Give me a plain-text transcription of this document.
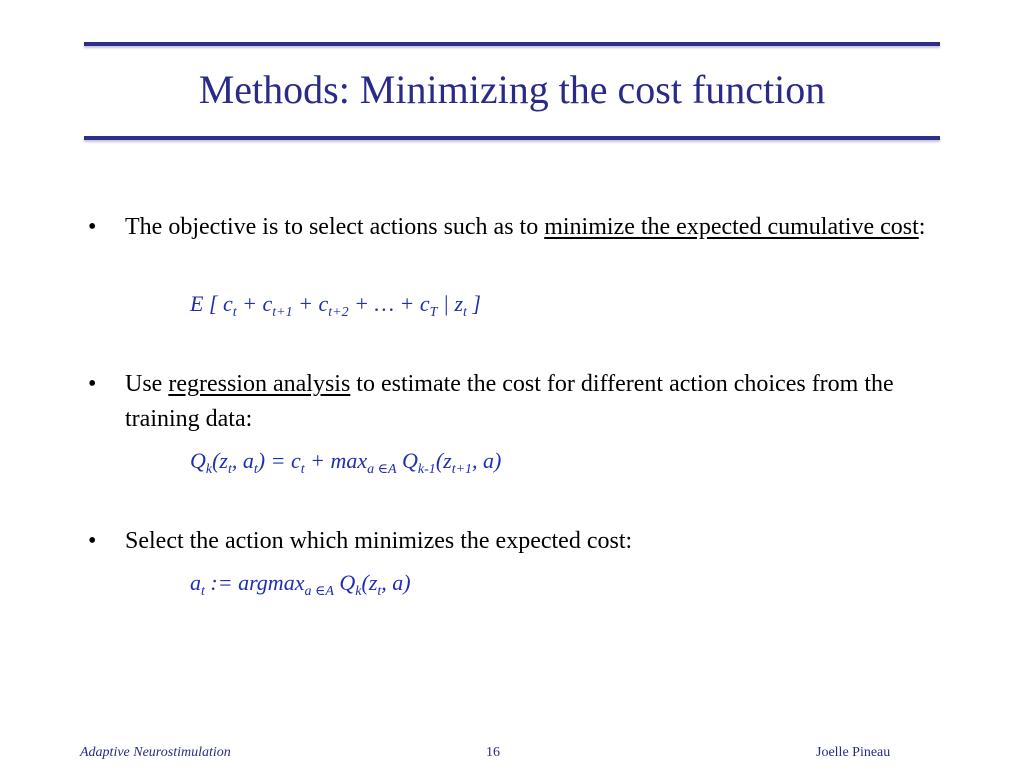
Methods: Minimizing the cost function
• The objective is to select actions such as to minimize the expected cumulative cost:
E [ $c_t + c_{t+1} + c_{t+2}$ + … + $c_T$ | $z_t$ ]
• Use regression analysis to estimate the cost for different action choices from the training data:
$Q_k(z_t$, $a_t) = c_t + \max_{a \in A} Q_{k-1}(z_{t+1}$, a)
• Select the action which minimizes the expected cost:
$a_t$ := argmax$_{a \in A}$ $Q_k(z_t$, a)
Adaptive Neurostimulation	16	Joelle Pineau
